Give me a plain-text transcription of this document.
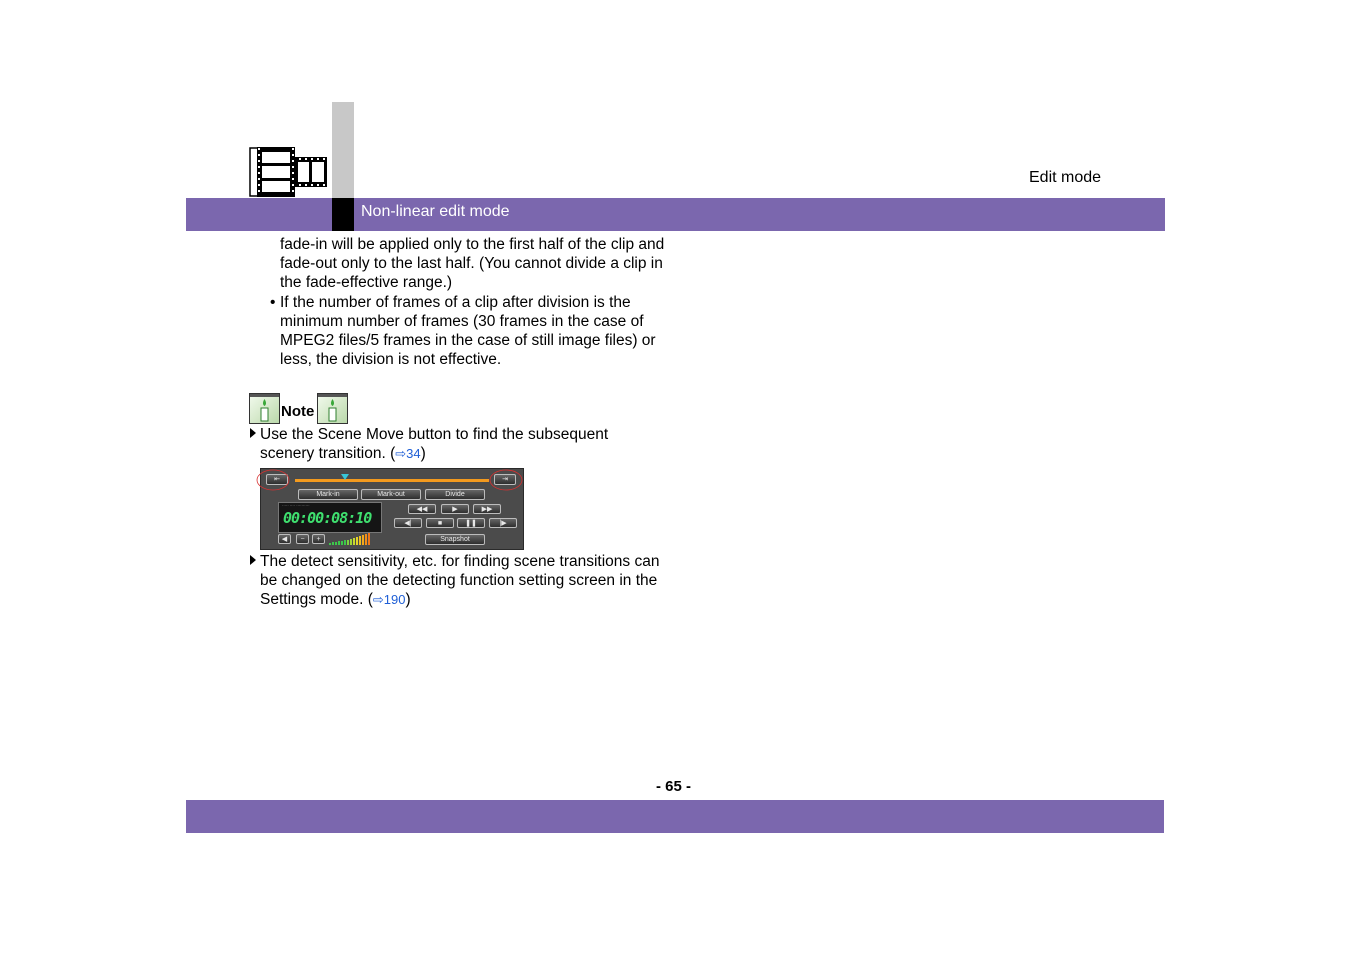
Edit mode
Non-linear edit mode

fade-in will be applied only to the first half of the clip and fade-out only to the last half. (You cannot divide a clip in the fade-effective range.)

• If the number of frames of a clip after division is the minimum number of frames (30 frames in the case of MPEG2 files/5 frames in the case of still image files) or less, the division is not effective.

Note

Use the Scene Move button to find the subsequent scenery transition. (⇨34)

⇤	⇥
Mark-in	Mark-out	Divide
····· ···· ··········
00:00:08:10	◀◀	▶	▶▶
◀|	■	❚❚	|▶
Snapshot
◀	−	+

The detect sensitivity, etc. for finding scene transitions can be changed on the detecting function setting screen in the Settings mode. (⇨190)

- 65 -
